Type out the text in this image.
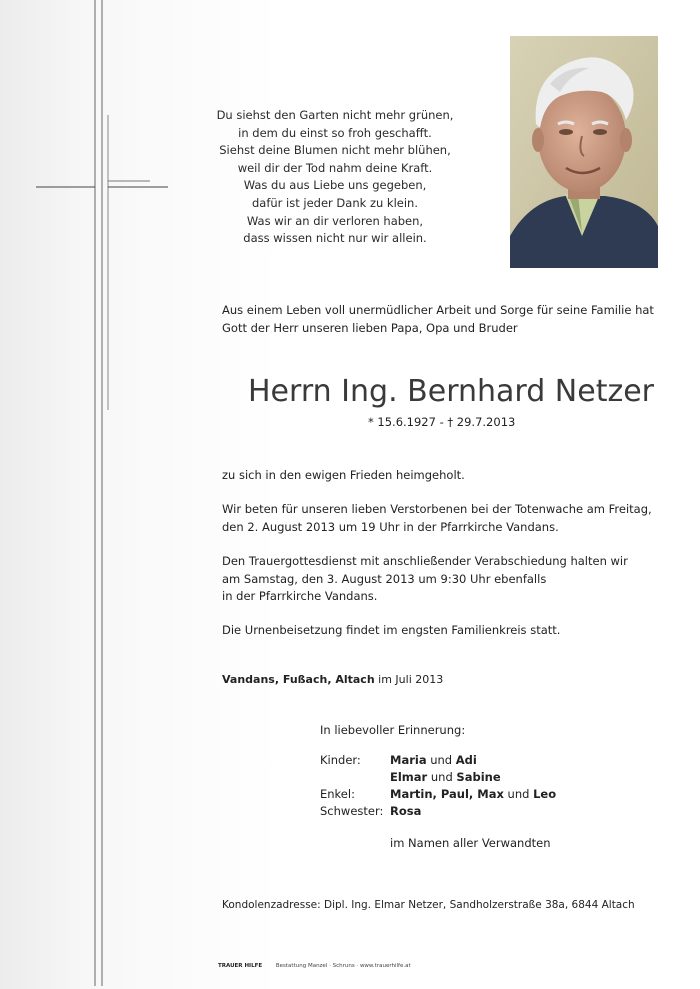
Du siehst den Garten nicht mehr grünen,
in dem du einst so froh geschafft.
Siehst deine Blumen nicht mehr blühen,
weil dir der Tod nahm deine Kraft.
Was du aus Liebe uns gegeben,
dafür ist jeder Dank zu klein.
Was wir an dir verloren haben,
dass wissen nicht nur wir allein.
Aus einem Leben voll unermüdlicher Arbeit und Sorge für seine Familie hat
Gott der Herr unseren lieben Papa, Opa und Bruder
Herrn Ing. Bernhard Netzer
* 15.6.1927 - † 29.7.2013
zu sich in den ewigen Frieden heimgeholt.
Wir beten für unseren lieben Verstorbenen bei der Totenwache am Freitag,
den 2. August 2013 um 19 Uhr in der Pfarrkirche Vandans.
Den Trauergottesdienst mit anschließender Verabschiedung halten wir
am Samstag, den 3. August 2013 um 9:30 Uhr ebenfalls
in der Pfarrkirche Vandans.
Die Urnenbeisetzung findet im engsten Familienkreis statt.
Vandans, Fußach, Altach im Juli 2013
In liebevoller Erinnerung:
Kinder:	Maria und Adi
Elmar und Sabine
Enkel:	Martin, Paul, Max und Leo
Schwester: Rosa
im Namen aller Verwandten
Kondolenzadresse: Dipl. Ing. Elmar Netzer, Sandholzerstraße 38a, 6844 Altach
TRAUER HILFE	Bestattung Manzel · Schruns · www.trauerhilfe.at
